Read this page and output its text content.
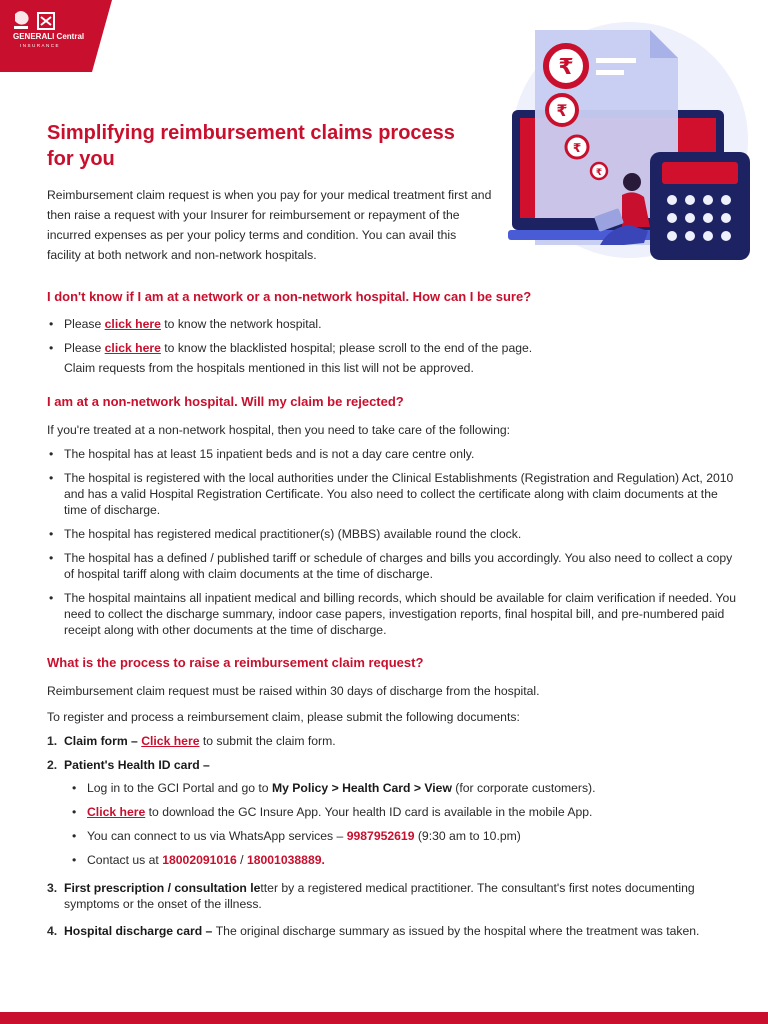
GENERALI Central
INSURANCE
₹
₹
₹
₹
Simplifying reimbursement claims process for you

Reimbursement claim request is when you pay for your medical treatment first and then raise a request with your Insurer for reimbursement or repayment of the incurred expenses as per your policy terms and condition. You can avail this facility at both network and non-network hospitals.

I don't know if I am at a network or a non-network hospital. How can I be sure?
• Please click here to know the network hospital.
• Please click here to know the blacklisted hospital; please scroll to the end of the page.
Claim requests from the hospitals mentioned in this list will not be approved.
I am at a non-network hospital. Will my claim be rejected?

If you're treated at a non-network hospital, then you need to take care of the following:

• The hospital has at least 15 inpatient beds and is not a day care centre only.
• The hospital is registered with the local authorities under the Clinical Establishments (Registration and Regulation) Act, 2010 and has a valid Hospital Registration Certificate. You also need to collect the certificate along with claim documents at the time of discharge.
• The hospital has registered medical practitioner(s) (MBBS) available round the clock.
• The hospital has a defined / published tariff or schedule of charges and bills you accordingly. You also need to collect a copy of hospital tariff along with claim documents at the time of discharge.
• The hospital maintains all inpatient medical and billing records, which should be available for claim verification if needed. You need to collect the discharge summary, indoor case papers, investigation reports, final hospital bill, and pre-numbered paid receipt along with other documents at the time of discharge.
What is the process to raise a reimbursement claim request?

Reimbursement claim request must be raised within 30 days of discharge from the hospital.

To register and process a reimbursement claim, please submit the following documents:

1. Claim form – Click here to submit the claim form.
2. Patient's Health ID card –
• Log in to the GCI Portal and go to My Policy > Health Card > View (for corporate customers).
• Click here to download the GC Insure App. Your health ID card is available in the mobile App.
• You can connect to us via WhatsApp services – 9987952619 (9:30 am to 10.pm)
• Contact us at 18002091016 / 18001038889.
3. First prescription / consultation letter by a registered medical practitioner. The consultant's first notes documenting symptoms or the onset of the illness.
4. Hospital discharge card – The original discharge summary as issued by the hospital where the treatment was taken.
